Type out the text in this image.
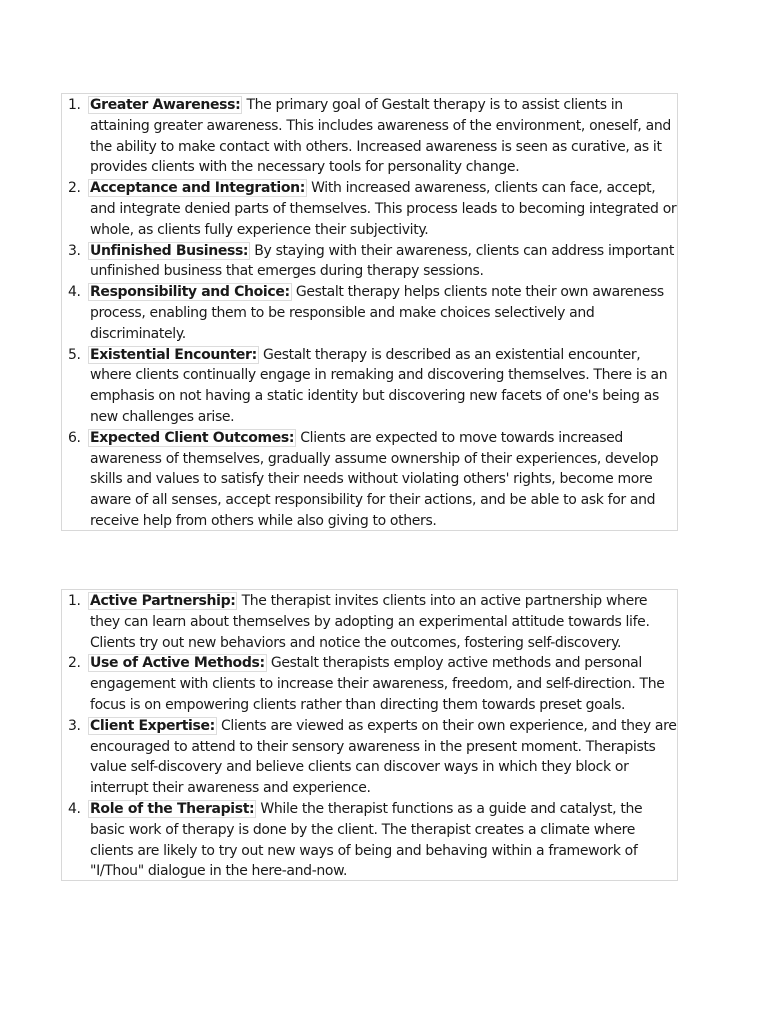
1. Greater Awareness: The primary goal of Gestalt therapy is to assist clients in attaining greater awareness. This includes awareness of the environment, oneself, and the ability to make contact with others. Increased awareness is seen as curative, as it provides clients with the necessary tools for personality change.
2. Acceptance and Integration: With increased awareness, clients can face, accept, and integrate denied parts of themselves. This process leads to becoming integrated or whole, as clients fully experience their subjectivity.
3. Unfinished Business: By staying with their awareness, clients can address important unfinished business that emerges during therapy sessions.
4. Responsibility and Choice: Gestalt therapy helps clients note their own awareness process, enabling them to be responsible and make choices selectively and discriminately.
5. Existential Encounter: Gestalt therapy is described as an existential encounter, where clients continually engage in remaking and discovering themselves. There is an emphasis on not having a static identity but discovering new facets of one's being as new challenges arise.
6. Expected Client Outcomes: Clients are expected to move towards increased awareness of themselves, gradually assume ownership of their experiences, develop skills and values to satisfy their needs without violating others' rights, become more aware of all senses, accept responsibility for their actions, and be able to ask for and receive help from others while also giving to others.
1. Active Partnership: The therapist invites clients into an active partnership where they can learn about themselves by adopting an experimental attitude towards life. Clients try out new behaviors and notice the outcomes, fostering self-discovery.
2. Use of Active Methods: Gestalt therapists employ active methods and personal engagement with clients to increase their awareness, freedom, and self-direction. The focus is on empowering clients rather than directing them towards preset goals.
3. Client Expertise: Clients are viewed as experts on their own experience, and they are encouraged to attend to their sensory awareness in the present moment. Therapists value self-discovery and believe clients can discover ways in which they block or interrupt their awareness and experience.
4. Role of the Therapist: While the therapist functions as a guide and catalyst, the basic work of therapy is done by the client. The therapist creates a climate where clients are likely to try out new ways of being and behaving within a framework of "I/Thou" dialogue in the here-and-now.
